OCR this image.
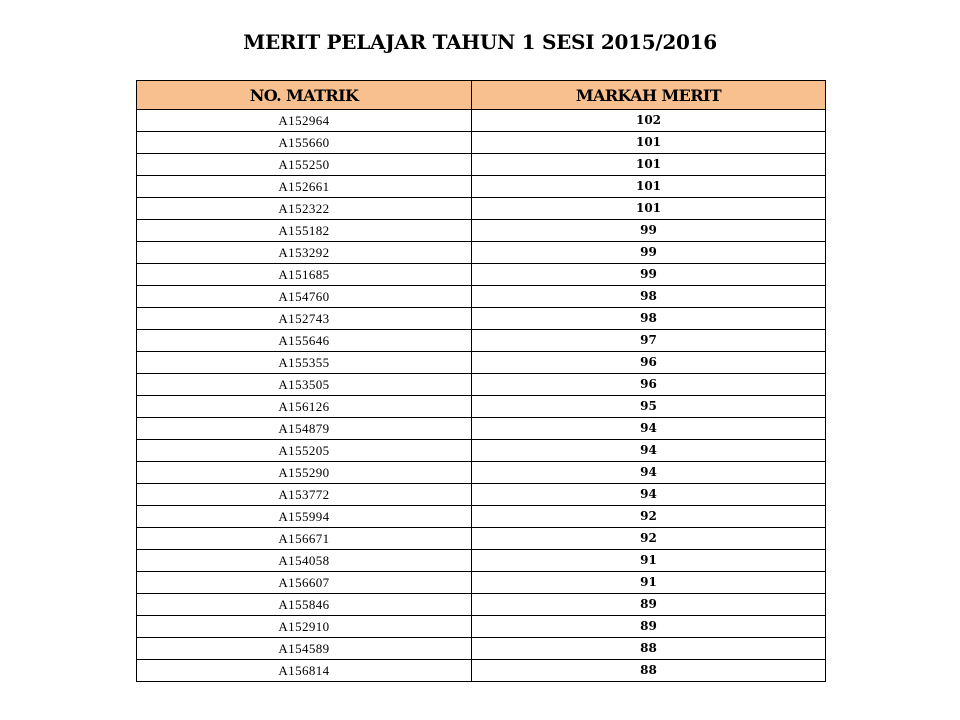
MERIT PELAJAR TAHUN 1 SESI 2015/2016
NO. MATRIK	MARKAH MERIT
A152964	102
A155660	101
A155250	101
A152661	101
A152322	101
A155182	99
A153292	99
A151685	99
A154760	98
A152743	98
A155646	97
A155355	96
A153505	96
A156126	95
A154879	94
A155205	94
A155290	94
A153772	94
A155994	92
A156671	92
A154058	91
A156607	91
A155846	89
A152910	89
A154589	88
A156814	88
